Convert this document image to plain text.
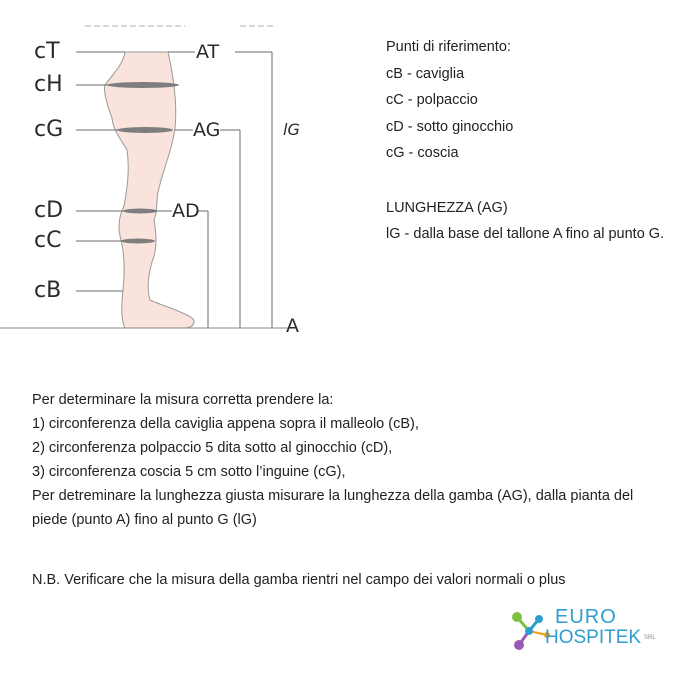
cT
cH
cG
cD
cC
cB
AT
AG
AD
A
lG
Punti di riferimento:
cB - caviglia
cC - polpaccio
cD - sotto ginocchio
cG - coscia
LUNGHEZZA (AG)
lG - dalla base del tallone A fino al punto G.
Per determinare la misura corretta prendere la:
1) circonferenza della caviglia appena sopra il malleolo (cB),
2) circonferenza polpaccio 5 dita sotto al ginocchio (cD),
3) circonferenza coscia 5 cm sotto l’inguine (cG),
Per detreminare la lunghezza giusta misurare la lunghezza della gamba (AG), dalla pianta del
piede (punto A) fino al punto G (lG)
N.B. Verificare che la misura della gamba rientri nel campo dei valori normali o plus
EURO
HOSPITEK SRL
